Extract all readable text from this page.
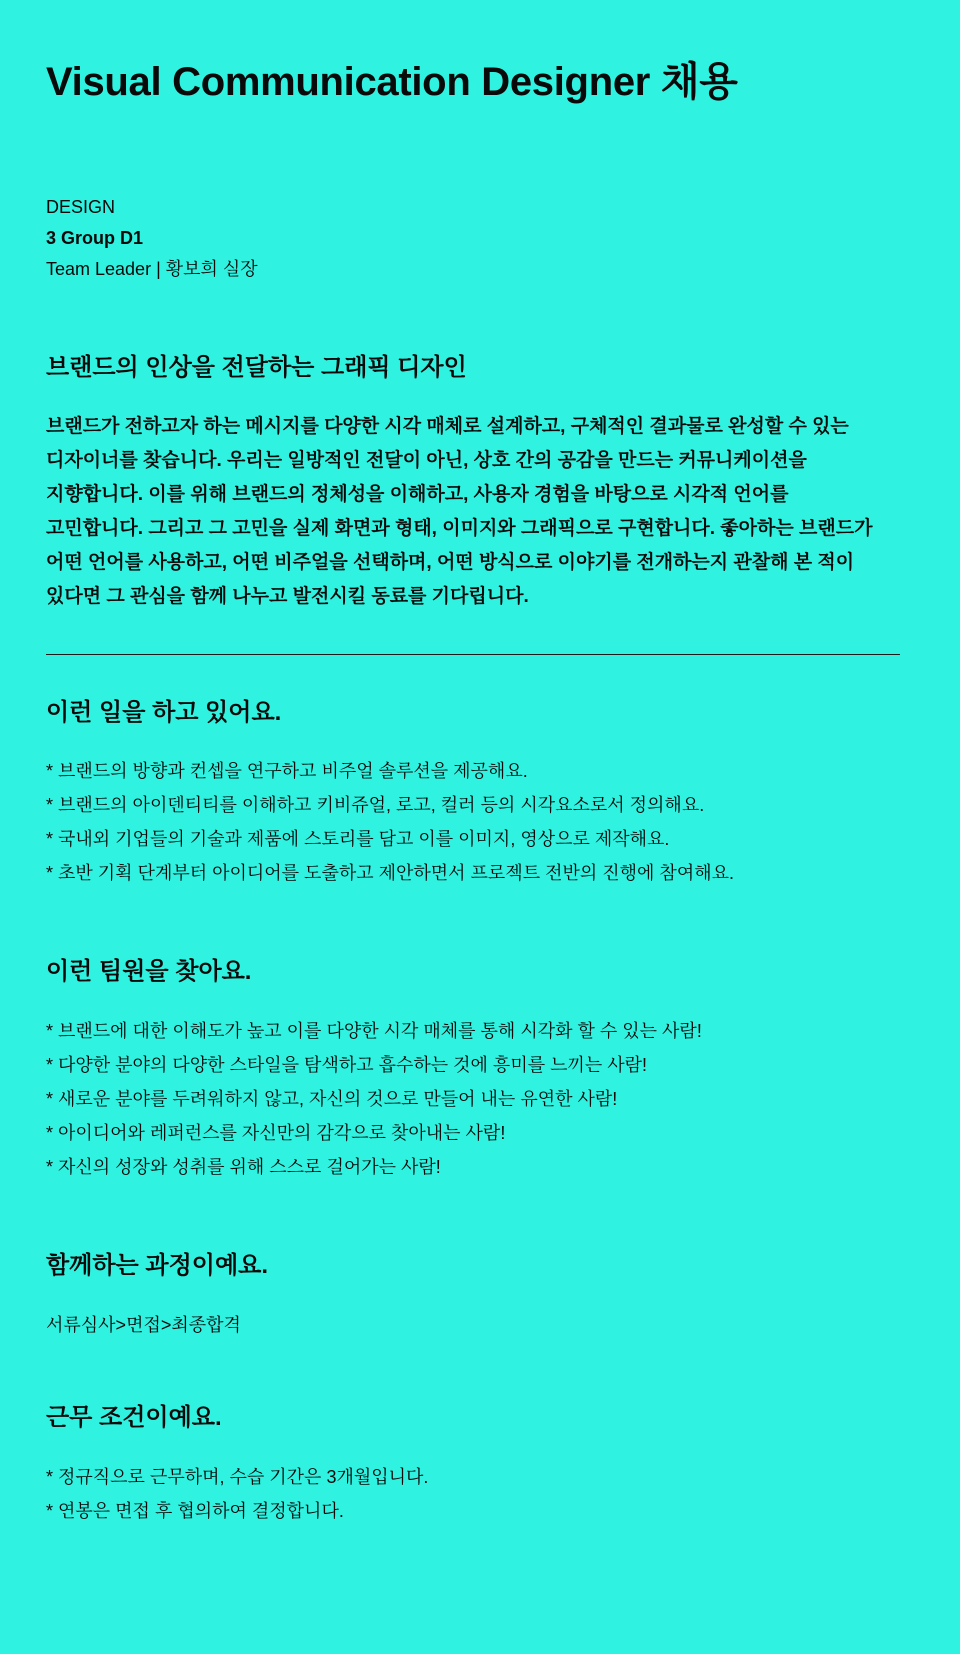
Visual Communication Designer 채용
DESIGN
3 Group D1
Team Leader | 황보희 실장
브랜드의 인상을 전달하는 그래픽 디자인

브랜드가 전하고자 하는 메시지를 다양한 시각 매체로 설계하고, 구체적인 결과물로 완성할 수 있는

디자이너를 찾습니다. 우리는 일방적인 전달이 아닌, 상호 간의 공감을 만드는 커뮤니케이션을

지향합니다. 이를 위해 브랜드의 정체성을 이해하고, 사용자 경험을 바탕으로 시각적 언어를

고민합니다. 그리고 그 고민을 실제 화면과 형태, 이미지와 그래픽으로 구현합니다. 좋아하는 브랜드가

어떤 언어를 사용하고, 어떤 비주얼을 선택하며, 어떤 방식으로 이야기를 전개하는지 관찰해 본 적이

있다면 그 관심을 함께 나누고 발전시킬 동료를 기다립니다.

이런 일을 하고 있어요.
* 브랜드의 방향과 컨셉을 연구하고 비주얼 솔루션을 제공해요.
* 브랜드의 아이덴티티를 이해하고 키비쥬얼, 로고, 컬러 등의 시각요소로서 정의해요.
* 국내외 기업들의 기술과 제품에 스토리를 담고 이를 이미지, 영상으로 제작해요.
* 초반 기획 단계부터 아이디어를 도출하고 제안하면서 프로젝트 전반의 진행에 참여해요.
이런 팀원을 찾아요.
* 브랜드에 대한 이해도가 높고 이를 다양한 시각 매체를 통해 시각화 할 수 있는 사람!
* 다양한 분야의 다양한 스타일을 탐색하고 흡수하는 것에 흥미를 느끼는 사람!
* 새로운 분야를 두려워하지 않고, 자신의 것으로 만들어 내는 유연한 사람!
* 아이디어와 레퍼런스를 자신만의 감각으로 찾아내는 사람!
* 자신의 성장와 성취를 위해 스스로 걸어가는 사람!
함께하는 과정이예요.
서류심사>면접>최종합격
근무 조건이예요.
* 정규직으로 근무하며, 수습 기간은 3개월입니다.
* 연봉은 면접 후 협의하여 결정합니다.
